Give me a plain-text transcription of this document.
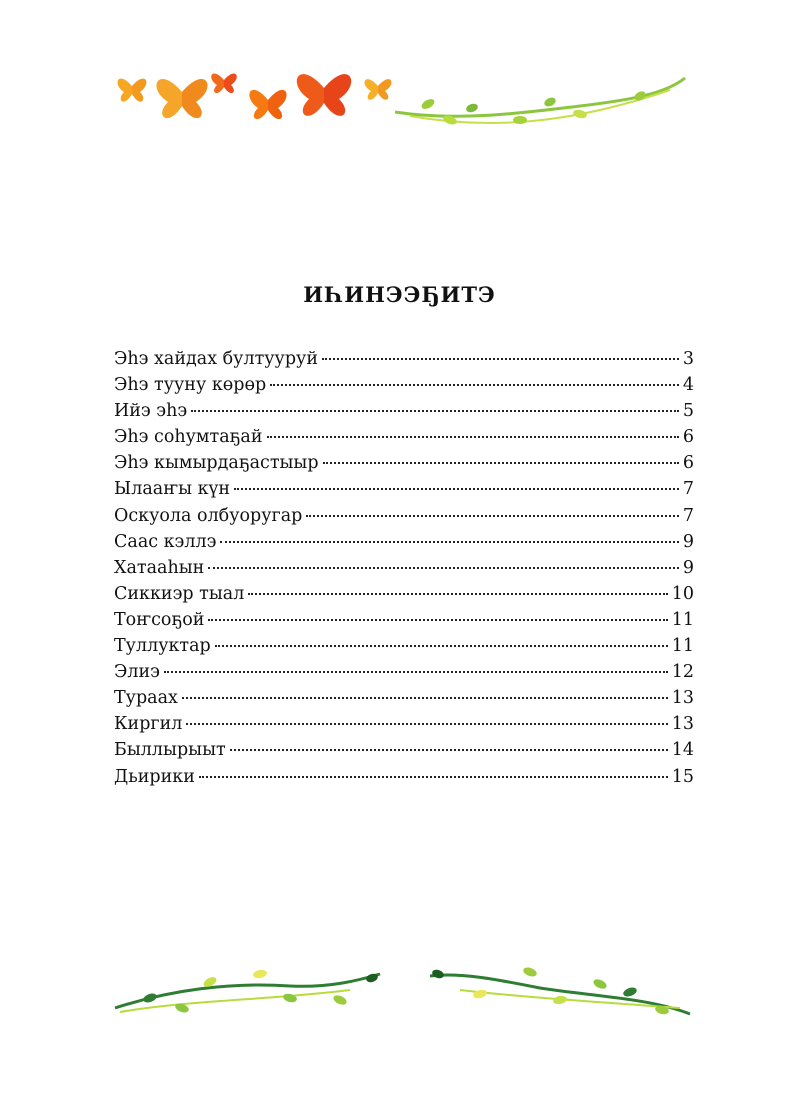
ИҺИНЭЭҔИТЭ
Эһэ хайдах бултууруй	3
Эһэ тууну көрөр	4
Ийэ эһэ	5
Эһэ соһумтаҕай	6
Эһэ кымырдаҕастыыр	6
Ылааҥы күн	7
Оскуола олбуоругар	7
Саас кэллэ	9
Хатааһын	9
Сиккиэр тыал	10
Тоҥсоҕой	11
Туллуктар	11
Элиэ	12
Тураах	13
Киргил	13
Быллырыыт	14
Дьирики	15
